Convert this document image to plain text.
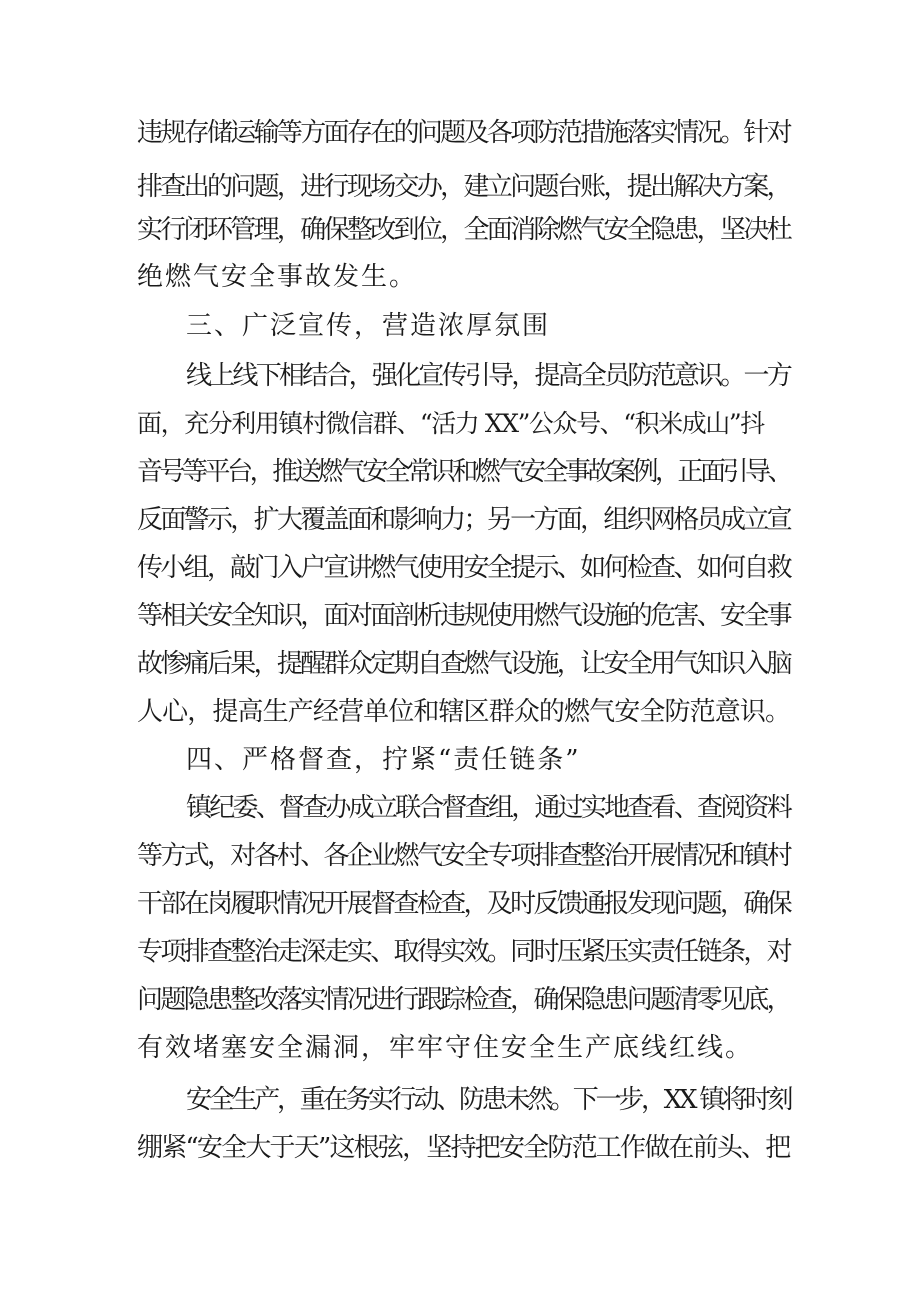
违规存储运输等方面存在的问题及各项防范措施落实情况。针对
排查出的问题，进行现场交办，建立问题台账，提出解决方案，
实行闭环管理，确保整改到位，全面消除燃气安全隐患，坚决杜
绝燃气安全事故发生。
三、广泛宣传，营造浓厚氛围
线上线下相结合，强化宣传引导，提高全员防范意识。一方
面，充分利用镇村微信群、“活力 XX”公众号、“积米成山”抖
音号等平台，推送燃气安全常识和燃气安全事故案例，正面引导、
反面警示，扩大覆盖面和影响力；另一方面，组织网格员成立宣
传小组，敲门入户宣讲燃气使用安全提示、如何检查、如何自救
等相关安全知识，面对面剖析违规使用燃气设施的危害、安全事
故惨痛后果，提醒群众定期自查燃气设施，让安全用气知识入脑
人心，提高生产经营单位和辖区群众的燃气安全防范意识。
四、严格督查，拧紧“责任链条”
镇纪委、督查办成立联合督查组，通过实地查看、查阅资料
等方式，对各村、各企业燃气安全专项排查整治开展情况和镇村
干部在岗履职情况开展督查检查，及时反馈通报发现问题，确保
专项排查整治走深走实、取得实效。同时压紧压实责任链条，对
问题隐患整改落实情况进行跟踪检查，确保隐患问题清零见底，
有效堵塞安全漏洞，牢牢守住安全生产底线红线。
安全生产，重在务实行动、防患未然。下一步，XX 镇将时刻
绷紧“安全大于天”这根弦，坚持把安全防范工作做在前头、把
